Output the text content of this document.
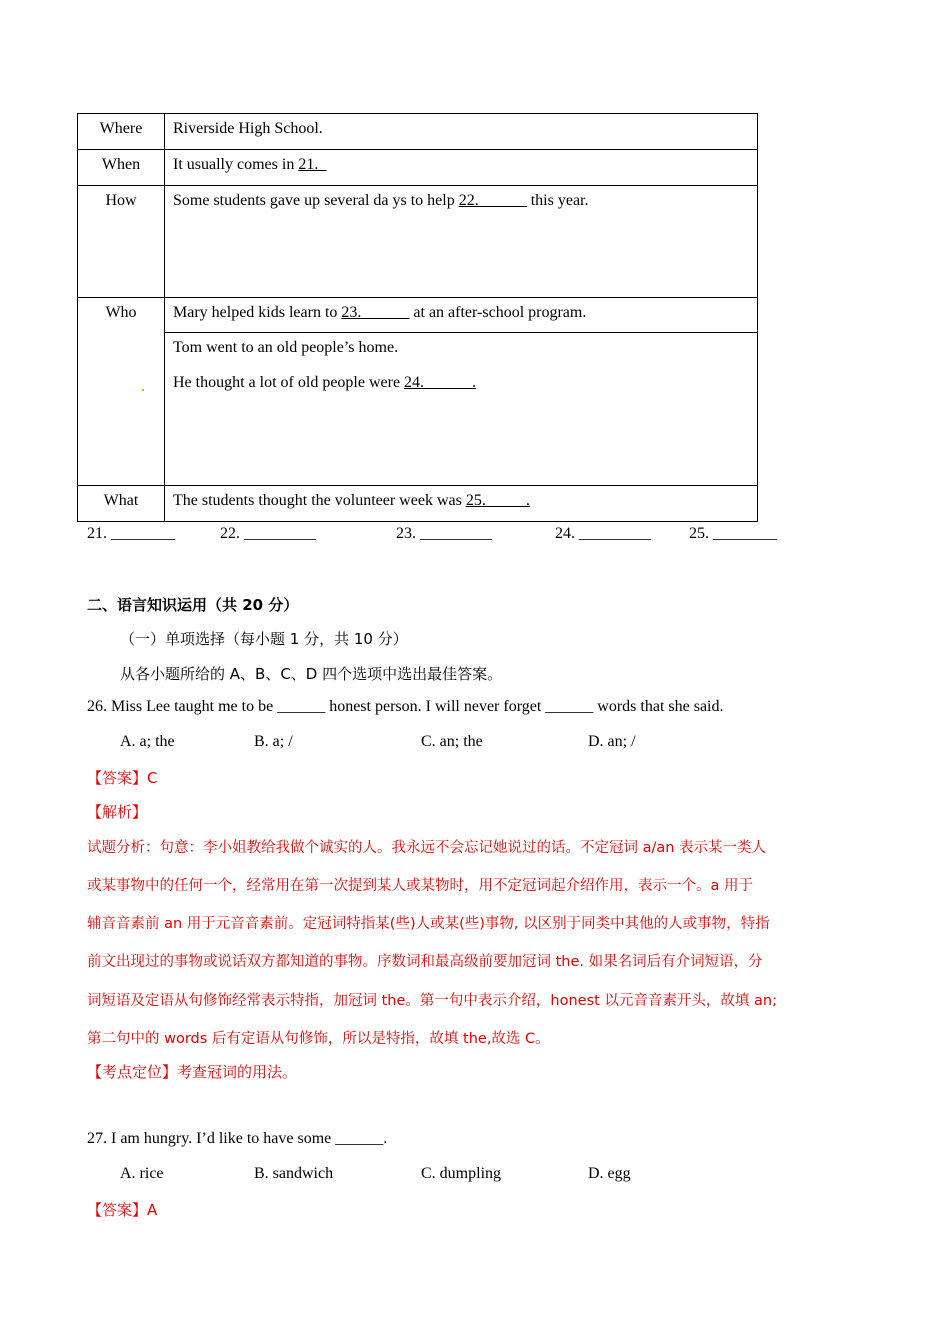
Where	Riverside High School.
When	It usually comes in 21._
How	Some students gave up several da ys to help 22.______ this year.
Who	Mary helped kids learn to 23.______ at an after-school program.

	Tom went to an old people’s home.
He thought a lot of old people were 24.______.

What	The students thought the volunteer week was 25._____.
21. ________	22. _________	23. _________	24. _________ 25. ________
二、语言知识运用（共 20 分）
（一）单项选择（每小题 1 分，共 10 分）
从各小题所给的 A、B、C、D 四个选项中选出最佳答案。
26. Miss Lee taught me to be ______ honest person. I will never forget ______ words that she said.
A. a; the	B. a; /	C. an; the	D. an; /
【答案】C
【解析】
试题分析：句意：李小姐教给我做个诚实的人。我永远不会忘记她说过的话。不定冠词 a/an 表示某一类人
或某事物中的任何一个，经常用在第一次提到某人或某物时，用不定冠词起介绍作用，表示一个。a 用于
辅音音素前 an 用于元音音素前。定冠词特指某(些)人或某(些)事物, 以区别于同类中其他的人或事物，特指
前文出现过的事物或说话双方都知道的事物。序数词和最高级前要加冠词 the. 如果名词后有介词短语，分
词短语及定语从句修饰经常表示特指，加冠词 the。第一句中表示介绍，honest 以元音音素开头，故填 an;
第二句中的 words 后有定语从句修饰，所以是特指，故填 the,故选 C。
【考点定位】考查冠词的用法。
27. I am hungry. I’d like to have some ______.
A. rice	B. sandwich	C. dumpling	D. egg
【答案】A
